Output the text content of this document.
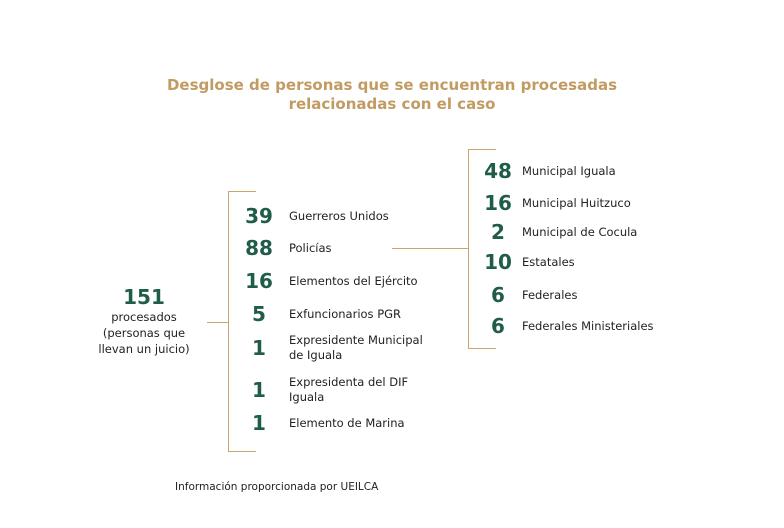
Desglose de personas que se encuentran procesadas
relacionadas con el caso
151
procesados
(personas que
llevan un juicio)
39	Guerreros Unidos
88	Policías
16	Elementos del Ejército
5	Exfuncionarios PGR
1	Expresidente Municipal
de Iguala
1	Expresidenta del DIF
Iguala
1	Elemento de Marina
48 Municipal Iguala
16 Municipal Huitzuco
2	Municipal de Cocula
10 Estatales
6	Federales
6	Federales Ministeriales
Información proporcionada por UEILCA
